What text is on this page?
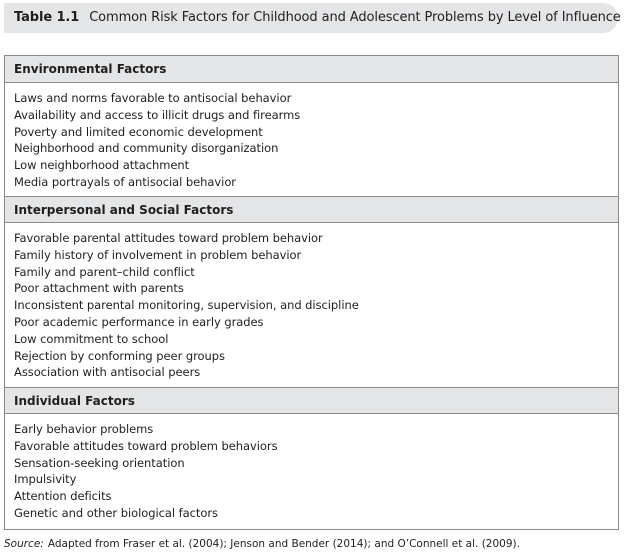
Table 1.1 Common Risk Factors for Childhood and Adolescent Problems by Level of Influence
Environmental Factors
Laws and norms favorable to antisocial behavior
Availability and access to illicit drugs and firearms
Poverty and limited economic development
Neighborhood and community disorganization
Low neighborhood attachment
Media portrayals of antisocial behavior
Interpersonal and Social Factors
Favorable parental attitudes toward problem behavior
Family history of involvement in problem behavior
Family and parent–child conflict
Poor attachment with parents
Inconsistent parental monitoring, supervision, and discipline
Poor academic performance in early grades
Low commitment to school
Rejection by conforming peer groups
Association with antisocial peers
Individual Factors
Early behavior problems
Favorable attitudes toward problem behaviors
Sensation-seeking orientation
Impulsivity
Attention deficits
Genetic and other biological factors
Source: Adapted from Fraser et al. (2004); Jenson and Bender (2014); and O’Connell et al. (2009).
